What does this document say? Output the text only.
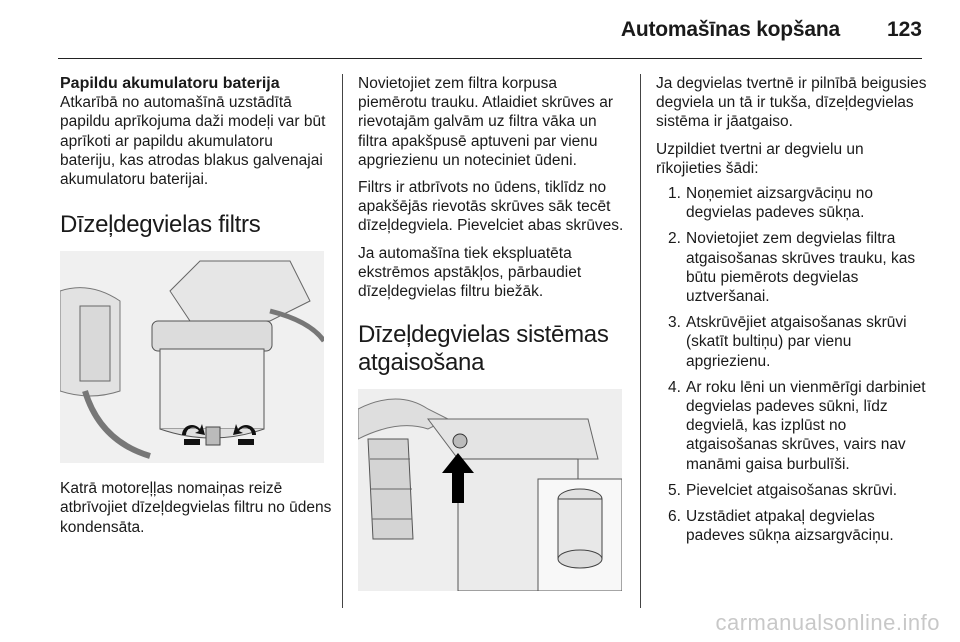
Automašīnas kopšana 123

Papildu akumulatoru baterija

Atkarībā no automašīnā uzstādītā papildu aprīkojuma daži modeļi var būt aprīkoti ar papildu akumulatoru bateriju, kas atrodas blakus galvenajai akumulatoru baterijai.

Dīzeļdegvielas filtrs

Katrā motoreļļas nomaiņas reizē atbrīvojiet dīzeļdegvielas filtru no ūdens kondensāta.

Novietojiet zem filtra korpusa piemērotu trauku. Atlaidiet skrūves ar rievotajām galvām uz filtra vāka un filtra apakšpusē aptuveni par vienu apgriezienu un noteciniet ūdeni.

Filtrs ir atbrīvots no ūdens, tiklīdz no apakšējās rievotās skrūves sāk tecēt dīzeļdegviela. Pievelciet abas skrūves.

Ja automašīna tiek ekspluatēta ekstrēmos apstākļos, pārbaudiet dīzeļdegvielas filtru biežāk.

Dīzeļdegvielas sistēmas atgaisošana

Ja degvielas tvertnē ir pilnībā beigusies degviela un tā ir tukša, dīzeļdegvielas sistēma ir jāatgaiso.

Uzpildiet tvertni ar degvielu un rīkojieties šādi:

1. Noņemiet aizsargvāciņu no degvielas padeves sūkņa.
2. Novietojiet zem degvielas filtra atgaisošanas skrūves trauku, kas būtu piemērots degvielas uztveršanai.
3. Atskrūvējiet atgaisošanas skrūvi (skatīt bultiņu) par vienu apgriezienu.
4. Ar roku lēni un vienmērīgi darbiniet degvielas padeves sūkni, līdz degvielā, kas izplūst no atgaisošanas skrūves, vairs nav manāmi gaisa burbulīši.
5. Pievelciet atgaisošanas skrūvi.
6. Uzstādiet atpakaļ degvielas padeves sūkņa aizsargvāciņu.
carmanualsonline.info
